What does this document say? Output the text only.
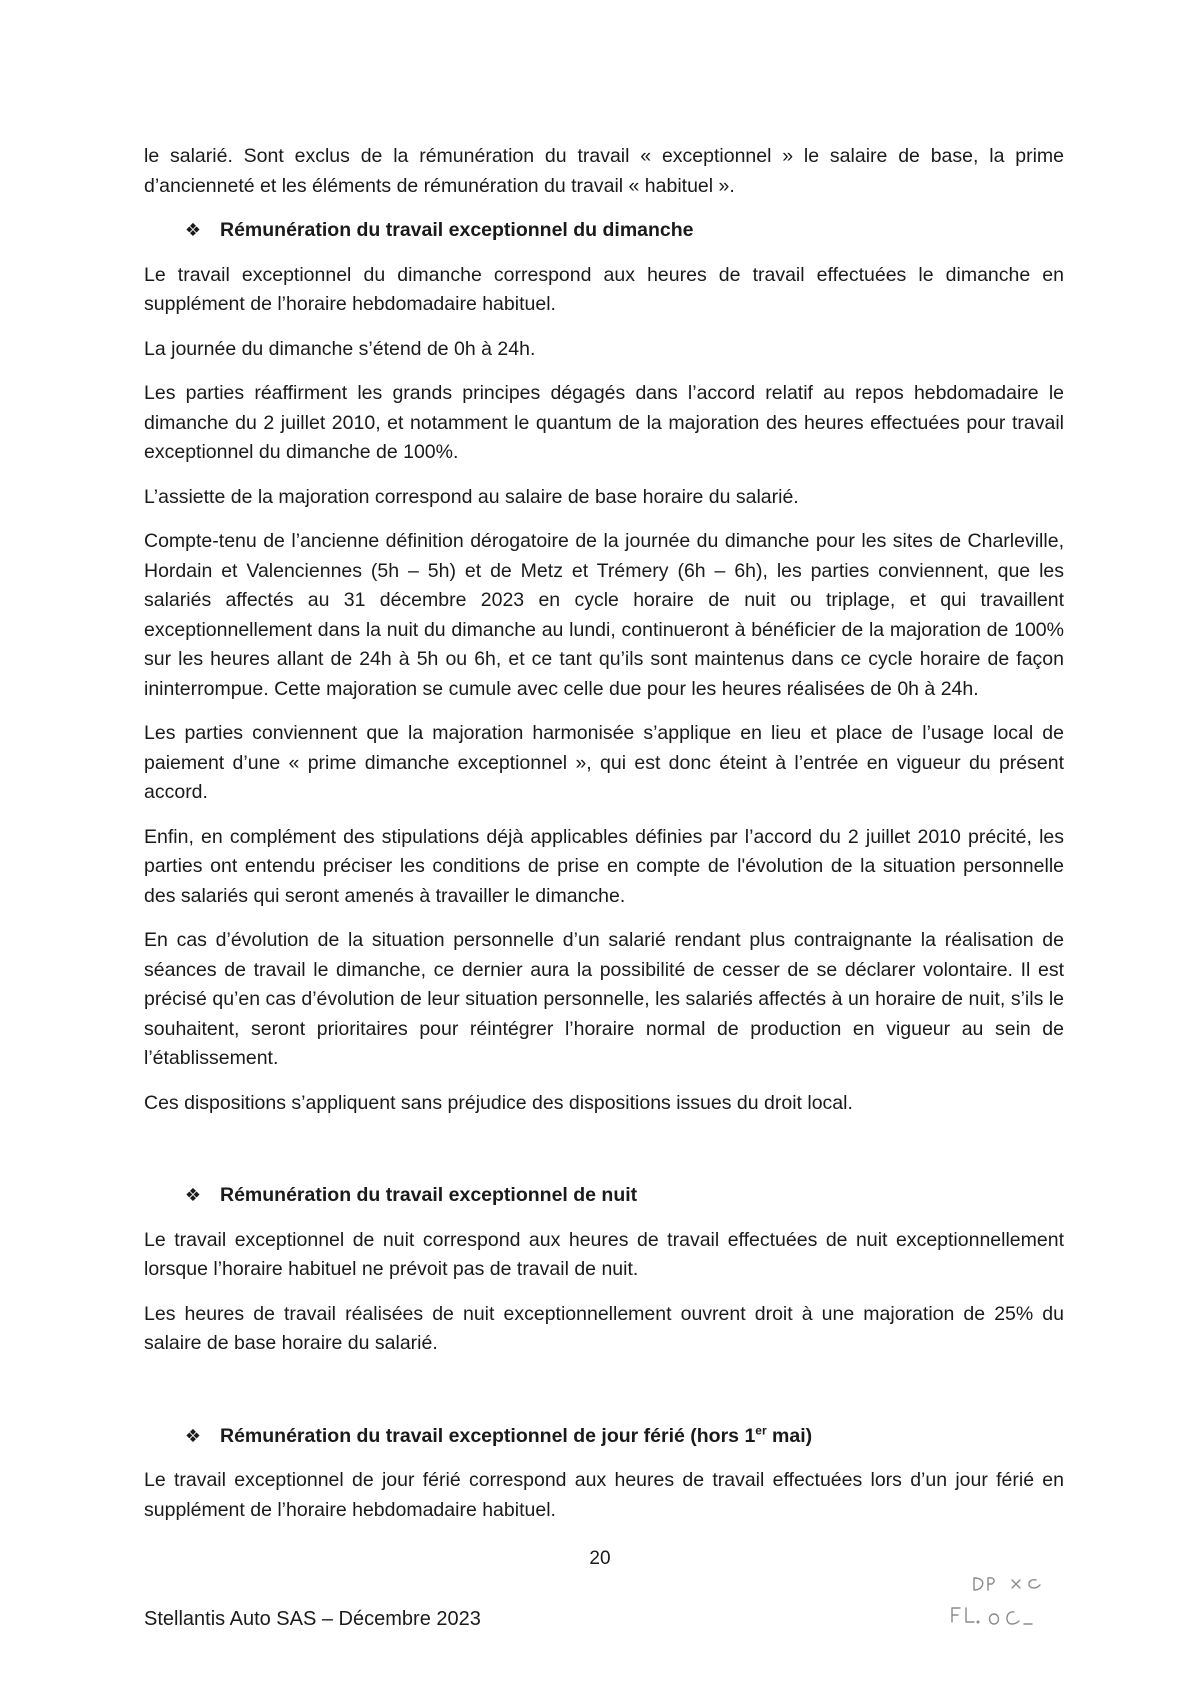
le salarié. Sont exclus de la rémunération du travail « exceptionnel » le salaire de base, la prime d’ancienneté et les éléments de rémunération du travail « habituel ».

❖ Rémunération du travail exceptionnel du dimanche

Le travail exceptionnel du dimanche correspond aux heures de travail effectuées le dimanche en supplément de l’horaire hebdomadaire habituel.

La journée du dimanche s’étend de 0h à 24h.

Les parties réaffirment les grands principes dégagés dans l’accord relatif au repos hebdomadaire le dimanche du 2 juillet 2010, et notamment le quantum de la majoration des heures effectuées pour travail exceptionnel du dimanche de 100%.

L’assiette de la majoration correspond au salaire de base horaire du salarié.

Compte-tenu de l’ancienne définition dérogatoire de la journée du dimanche pour les sites de Charleville, Hordain et Valenciennes (5h – 5h) et de Metz et Trémery (6h – 6h), les parties conviennent, que les salariés affectés au 31 décembre 2023 en cycle horaire de nuit ou triplage, et qui travaillent exceptionnellement dans la nuit du dimanche au lundi, continueront à bénéficier de la majoration de 100% sur les heures allant de 24h à 5h ou 6h, et ce tant qu’ils sont maintenus dans ce cycle horaire de façon ininterrompue. Cette majoration se cumule avec celle due pour les heures réalisées de 0h à 24h.

Les parties conviennent que la majoration harmonisée s’applique en lieu et place de l’usage local de paiement d’une « prime dimanche exceptionnel », qui est donc éteint à l’entrée en vigueur du présent accord.

Enfin, en complément des stipulations déjà applicables définies par l’accord du 2 juillet 2010 précité, les parties ont entendu préciser les conditions de prise en compte de l'évolution de la situation personnelle des salariés qui seront amenés à travailler le dimanche.

En cas d’évolution de la situation personnelle d’un salarié rendant plus contraignante la réalisation de séances de travail le dimanche, ce dernier aura la possibilité de cesser de se déclarer volontaire. Il est précisé qu’en cas d’évolution de leur situation personnelle, les salariés affectés à un horaire de nuit, s’ils le souhaitent, seront prioritaires pour réintégrer l’horaire normal de production en vigueur au sein de l’établissement.

Ces dispositions s’appliquent sans préjudice des dispositions issues du droit local.

❖ Rémunération du travail exceptionnel de nuit

Le travail exceptionnel de nuit correspond aux heures de travail effectuées de nuit exceptionnellement lorsque l’horaire habituel ne prévoit pas de travail de nuit.

Les heures de travail réalisées de nuit exceptionnellement ouvrent droit à une majoration de 25% du salaire de base horaire du salarié.

❖ Rémunération du travail exceptionnel de jour férié (hors 1er mai)

Le travail exceptionnel de jour férié correspond aux heures de travail effectuées lors d’un jour férié en supplément de l’horaire hebdomadaire habituel.

20
Stellantis Auto SAS – Décembre 2023
